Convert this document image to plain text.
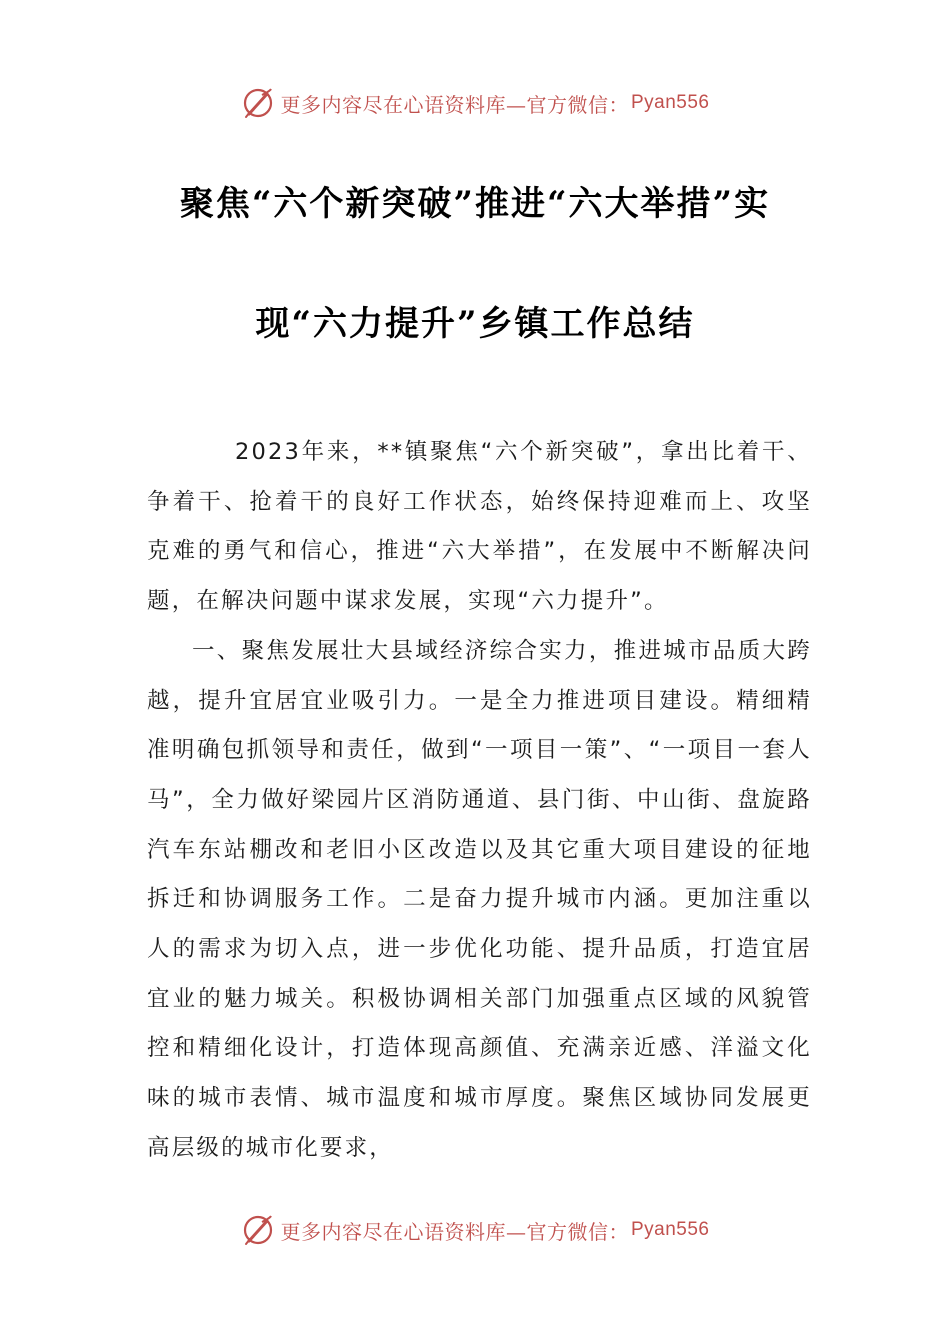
更多内容尽在心语资料库—官方微信： Pyan556
聚焦“六个新突破”推进“六大举措”实
现“六力提升”乡镇工作总结

2023年来，**镇聚焦“六个新突破”，拿出比着干、争着干、抢着干的良好工作状态，始终保持迎难而上、攻坚克难的勇气和信心，推进“六大举措”，在发展中不断解决问题，在解决问题中谋求发展，实现“六力提升”。

一、聚焦发展壮大县域经济综合实力，推进城市品质大跨越，提升宜居宜业吸引力。一是全力推进项目建设。精细精准明确包抓领导和责任，做到“一项目一策”、“一项目一套人马”，全力做好梁园片区消防通道、县门街、中山街、盘旋路汽车东站棚改和老旧小区改造以及其它重大项目建设的征地拆迁和协调服务工作。二是奋力提升城市内涵。更加注重以人的需求为切入点，进一步优化功能、提升品质，打造宜居宜业的魅力城关。积极协调相关部门加强重点区域的风貌管控和精细化设计，打造体现高颜值、充满亲近感、洋溢文化味的城市表情、城市温度和城市厚度。聚焦区域协同发展更高层级的城市化要求，

更多内容尽在心语资料库—官方微信： Pyan556
